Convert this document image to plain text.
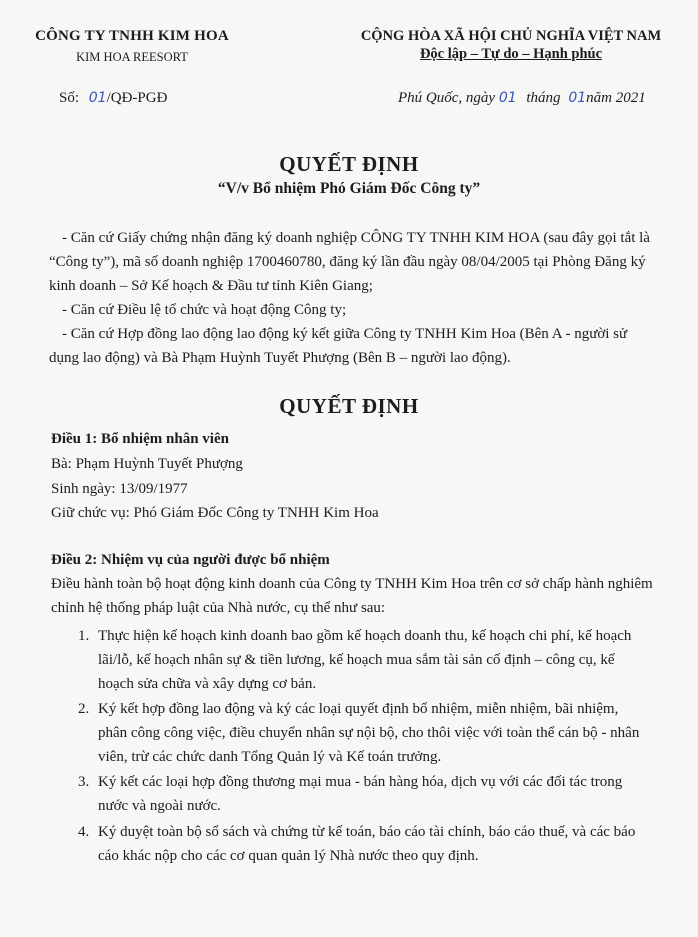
CÔNG TY TNHH KIM HOA
KIM HOA REESORT
CỘNG HÒA XÃ HỘI CHỦ NGHĨA VIỆT NAM
Độc lập – Tự do – Hạnh phúc
Số: 01/QĐ-PGĐ	Phú Quốc, ngày 01 tháng 01năm 2021
QUYẾT ĐỊNH
“V/v Bổ nhiệm Phó Giám Đốc Công ty”

- Căn cứ Giấy chứng nhận đăng ký doanh nghiệp CÔNG TY TNHH KIM HOA (sau đây gọi tắt là “Công ty”), mã số doanh nghiệp 1700460780, đăng ký lần đầu ngày 08/04/2005 tại Phòng Đăng ký kinh doanh – Sở Kế hoạch & Đầu tư tỉnh Kiên Giang;

- Căn cứ Điều lệ tổ chức và hoạt động Công ty;

- Căn cứ Hợp đồng lao động lao động ký kết giữa Công ty TNHH Kim Hoa (Bên A - người sử dụng lao động) và Bà Phạm Huỳnh Tuyết Phượng (Bên B – người lao động).

QUYẾT ĐỊNH
Điều 1: Bổ nhiệm nhân viên
Bà: Phạm Huỳnh Tuyết Phượng
Sinh ngày: 13/09/1977
Giữ chức vụ: Phó Giám Đốc Công ty TNHH Kim Hoa
Điều 2: Nhiệm vụ của người được bổ nhiệm

Điều hành toàn bộ hoạt động kinh doanh của Công ty TNHH Kim Hoa trên cơ sở chấp hành nghiêm chỉnh hệ thống pháp luật của Nhà nước, cụ thể như sau:

1. Thực hiện kế hoạch kinh doanh bao gồm kế hoạch doanh thu, kế hoạch chi phí, kế hoạch lãi/lỗ, kế hoạch nhân sự & tiền lương, kế hoạch mua sắm tài sản cố định – công cụ, kế hoạch sửa chữa và xây dựng cơ bản.
2. Ký kết hợp đồng lao động và ký các loại quyết định bổ nhiệm, miễn nhiệm, bãi nhiệm, phân công công việc, điều chuyển nhân sự nội bộ, cho thôi việc với toàn thể cán bộ - nhân viên, trừ các chức danh Tổng Quản lý và Kế toán trưởng.
3. Ký kết các loại hợp đồng thương mại mua - bán hàng hóa, dịch vụ với các đối tác trong nước và ngoài nước.
4. Ký duyệt toàn bộ sổ sách và chứng từ kế toán, báo cáo tài chính, báo cáo thuế, và các báo cáo khác nộp cho các cơ quan quản lý Nhà nước theo quy định.
